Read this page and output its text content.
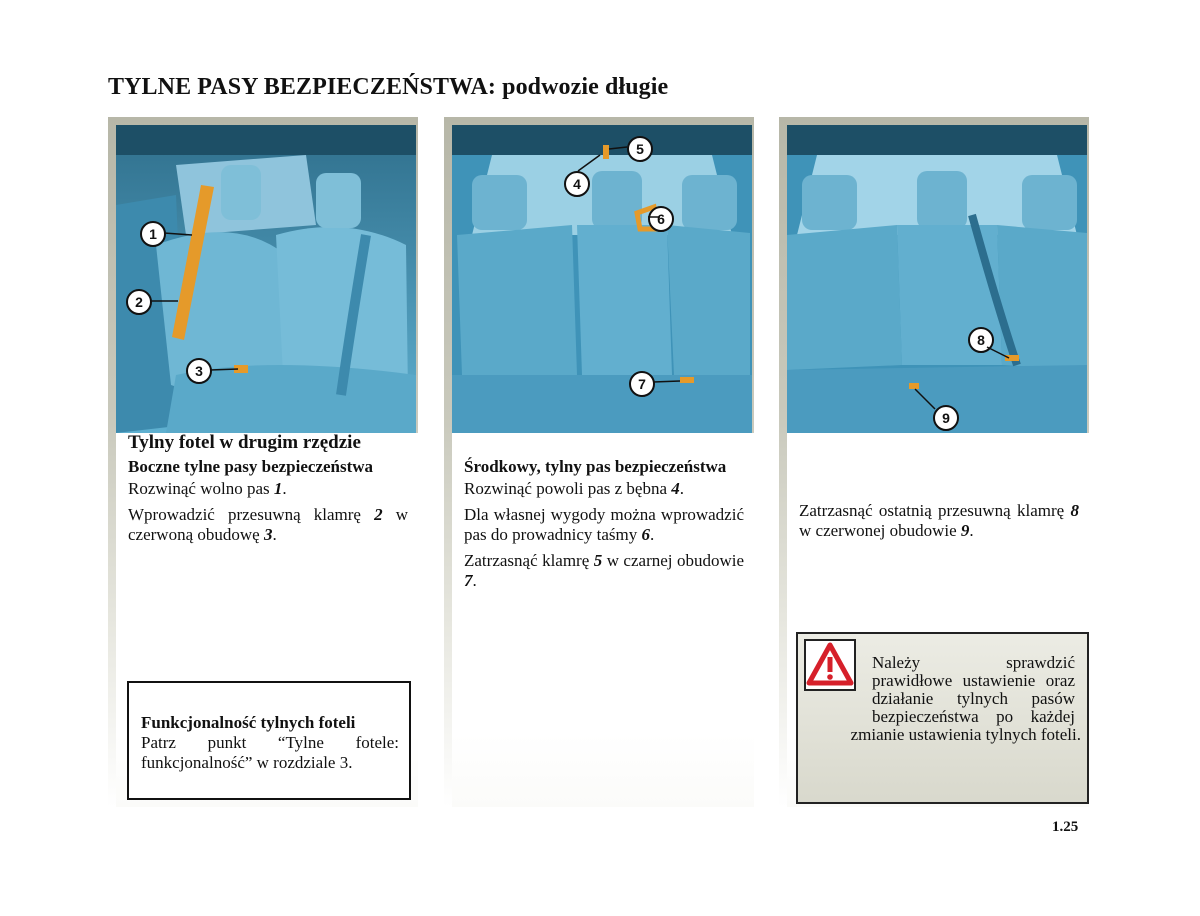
TYLNE PASY BEZPIECZEŃSTWA: podwozie długie
1
2
3
Tylny fotel w drugim rzędzie
Boczne tylne pasy bezpieczeństwa
Rozwinąć wolno pas 1.
Wprowadzić przesuwną klamrę 2 w czerwoną obudowę 3.
5
4
6
7
Środkowy, tylny pas bezpieczeństwa
Rozwinąć powoli pas z bębna 4.
Dla własnej wygody można wprowadzić pas do prowadnicy taśmy 6.
Zatrzasnąć klamrę 5 w czarnej obudowie 7.
8
9
Zatrzasnąć ostatnią przesuwną klamrę 8 w czerwonej obudowie 9.
Funkcjonalność tylnych foteli
Patrz punkt “Tylne fotele: funkcjonalność” w rozdziale 3.
Należy sprawdzić prawidłowe ustawienie oraz działanie tylnych pasów bezpieczeństwa po każdej
zmianie ustawienia tylnych foteli.
1.25
